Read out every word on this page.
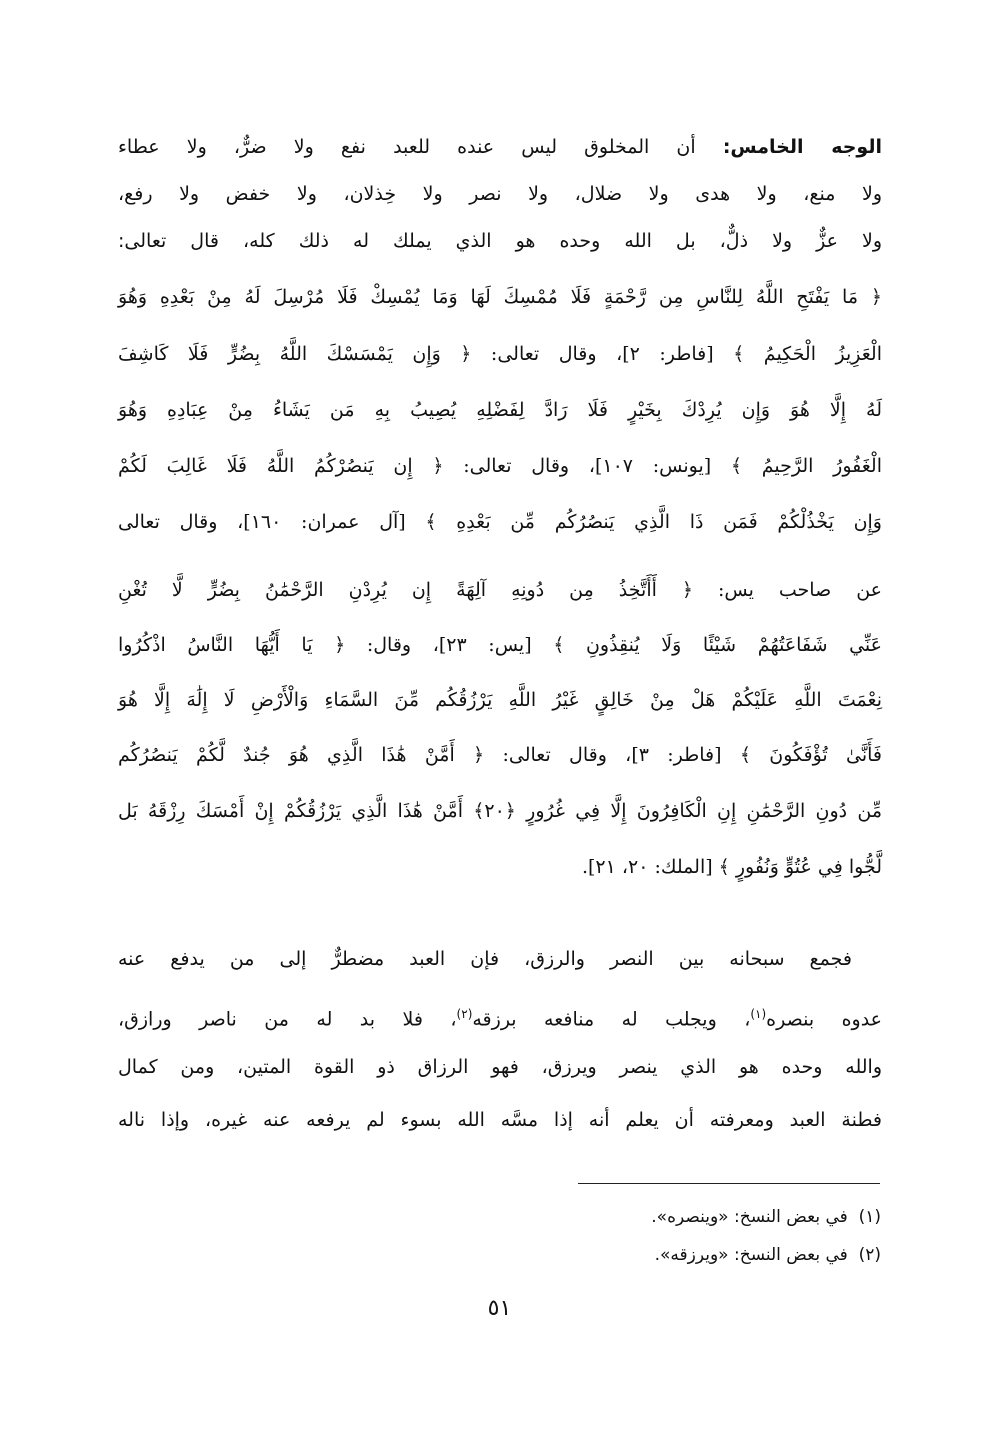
الوجه الخامس: أن المخلوق ليس عنده للعبد نفع ولا ضرٌّ، ولا عطاء
ولا منع، ولا هدى ولا ضلال، ولا نصر ولا خِذلان، ولا خفض ولا رفع،
ولا عزٌّ ولا ذلٌّ، بل الله وحده هو الذي يملك له ذلك كله، قال تعالى:
﴿ مَا يَفْتَحِ اللَّهُ لِلنَّاسِ مِن رَّحْمَةٍ فَلَا مُمْسِكَ لَهَا وَمَا يُمْسِكْ فَلَا مُرْسِلَ لَهُ مِنْ بَعْدِهِ وَهُوَ
الْعَزِيزُ الْحَكِيمُ ﴾ [فاطر: ٢]، وقال تعالى: ﴿ وَإِن يَمْسَسْكَ اللَّهُ بِضُرٍّ فَلَا كَاشِفَ
لَهُ إِلَّا هُوَ وَإِن يُرِدْكَ بِخَيْرٍ فَلَا رَادَّ لِفَضْلِهِ يُصِيبُ بِهِ مَن يَشَاءُ مِنْ عِبَادِهِ وَهُوَ
الْغَفُورُ الرَّحِيمُ ﴾ [يونس: ١٠٧]، وقال تعالى: ﴿ إِن يَنصُرْكُمُ اللَّهُ فَلَا غَالِبَ لَكُمْ
وَإِن يَخْذُلْكُمْ فَمَن ذَا الَّذِي يَنصُرُكُم مِّن بَعْدِهِ ﴾ [آل عمران: ١٦٠]، وقال تعالى
عن صاحب يس: ﴿ أَأَتَّخِذُ مِن دُونِهِ آلِهَةً إِن يُرِدْنِ الرَّحْمَٰنُ بِضُرٍّ لَّا تُغْنِ
عَنِّي شَفَاعَتُهُمْ شَيْئًا وَلَا يُنقِذُونِ ﴾ [يس: ٢٣]، وقال: ﴿ يَا أَيُّهَا النَّاسُ اذْكُرُوا
نِعْمَتَ اللَّهِ عَلَيْكُمْ هَلْ مِنْ خَالِقٍ غَيْرُ اللَّهِ يَرْزُقُكُم مِّنَ السَّمَاءِ وَالْأَرْضِ لَا إِلَٰهَ إِلَّا هُوَ
فَأَنَّىٰ تُؤْفَكُونَ ﴾ [فاطر: ٣]، وقال تعالى: ﴿ أَمَّنْ هَٰذَا الَّذِي هُوَ جُندٌ لَّكُمْ يَنصُرُكُم
مِّن دُونِ الرَّحْمَٰنِ إِنِ الْكَافِرُونَ إِلَّا فِي غُرُورٍ ﴿٢٠﴾ أَمَّنْ هَٰذَا الَّذِي يَرْزُقُكُمْ إِنْ أَمْسَكَ رِزْقَهُ بَل
لَّجُّوا فِي عُتُوٍّ وَنُفُورٍ ﴾ [الملك: ٢٠، ٢١].
فجمع سبحانه بين النصر والرزق، فإن العبد مضطرٌّ إلى من يدفع عنه
عدوه بنصره$^{(١)}$، ويجلب له منافعه برزقه$^{(٢)}$، فلا بد له من ناصر ورازق،
والله وحده هو الذي ينصر ويرزق، فهو الرزاق ذو القوة المتين، ومن كمال
فطنة العبد ومعرفته أن يعلم أنه إذا مسَّه الله بسوء لم يرفعه عنه غيره، وإذا ناله
(١)  في بعض النسخ: «وينصره».
(٢)  في بعض النسخ: «ويرزقه».
٥١
